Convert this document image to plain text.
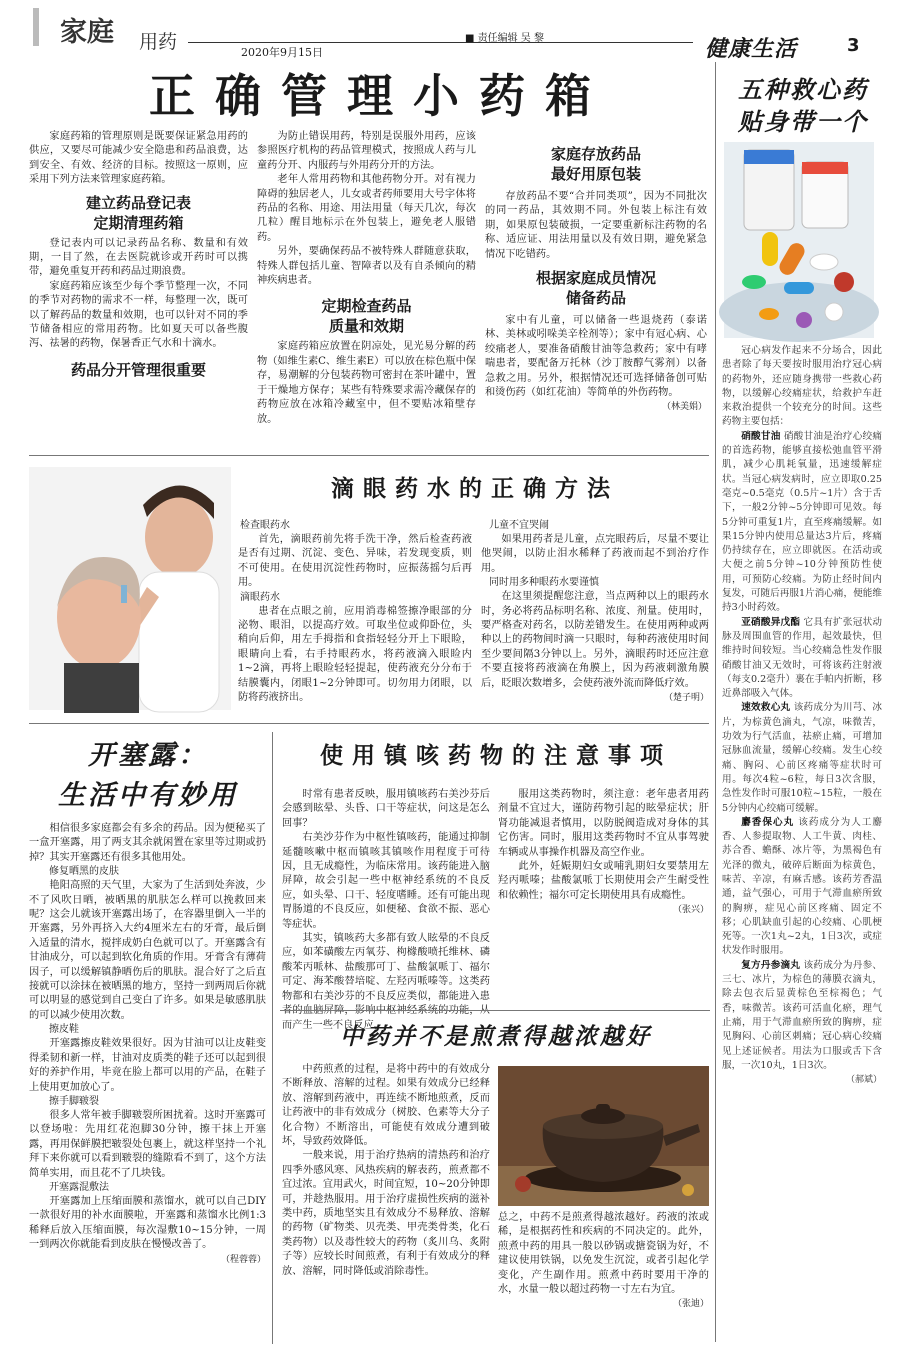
家庭 用药	2020年9月15日
■ 责任编辑 吴 黎	健康生活	3
正确管理小药箱

家庭药箱的管理原则是既要保证紧急用药的供应，又要尽可能减少安全隐患和药品浪费，达到安全、有效、经济的目标。按照这一原则，应采用下列方法来管理家庭药箱。

建立药品登记表
定期清理药箱

登记表内可以记录药品名称、数量和有效期，一目了然，在去医院就诊或开药时可以携带，避免重复开药和药品过期浪费。

家庭药箱应该至少每个季节整理一次，不同的季节对药物的需求不一样，每整理一次，既可以了解药品的数量和效期，也可以针对不同的季节储备相应的常用药物。比如夏天可以备些腹泻、祛暑的药物，保暑香正气水和十滴水。

药品分开管理很重要

为防止错误用药，特别是误服外用药，应该参照医疗机构的药品管理模式，按照成人药与儿童药分开、内服药与外用药分开的方法。

老年人常用药物和其他药物分开。对有视力障碍的独居老人，儿女或者药师要用大号字体将药品的名称、用途、用法用量（每天几次，每次几粒）醒目地标示在外包装上，避免老人服错药。

另外，要确保药品不被特殊人群随意获取，特殊人群包括儿童、智障者以及有自杀倾向的精神疾病患者。

定期检查药品
质量和效期

家庭药箱应放置在阴凉处，见光易分解的药物（如维生素C、维生素E）可以放在棕色瓶中保存，易潮解的分包装药物可密封在茶叶罐中，置于干燥地方保存；某些有特殊要求需冷藏保存的药物应放在冰箱冷藏室中，但不要贴冰箱壁存放。

家庭存放药品
最好用原包装

存放药品不要“合并同类项”，因为不同批次的同一药品，其效期不同。外包装上标注有效期，如果原包装破损，一定要重新标注药物的名称、适应证、用法用量以及有效日期，避免紧急情况下吃错药。

根据家庭成员情况
储备药品

家中有儿童，可以储备一些退烧药（泰诺林、美林或吲哚美辛栓剂等）；家中有冠心病、心绞痛老人，要准备硝酸甘油等急救药；家中有哮喘患者，要配备万托林（沙丁胺醇气雾剂）以备急救之用。另外，根据情况还可选择储备创可贴和烫伤药（如红花油）等简单的外伤药物。

（林美娟）
五种救心药
贴身带一个

冠心病发作起来不分场合，因此患者除了每天要按时服用治疗冠心病的药物外，还应随身携带一些救心药物，以缓解心绞痛症状，给救护车赶来救治提供一个较充分的时间。这些药物主要包括：

硝酸甘油 硝酸甘油是治疗心绞痛的首选药物，能够直接松弛血管平滑肌，减少心肌耗氧量，迅速缓解症状。当冠心病发病时，应立即取0.25毫克~0.5毫克（0.5片~1片）含于舌下，一般2分钟~5分钟即可见效。每5分钟可重复1片，直至疼痛缓解。如果15分钟内使用总量达3片后，疼痛仍持续存在，应立即就医。在活动或大便之前5分钟~10分钟预防性使用，可预防心绞痛。为防止经时间内复发，可随后再服1片消心痛，便能维持3小时药效。

亚硝酸异戊酯 它具有扩张冠状动脉及周围血管的作用，起效最快，但维持时间较短。当心绞痛急性发作服硝酸甘油又无效时，可将该药注射液（每支0.2毫升）裹在手帕内折断，移近鼻部吸入气体。

速效救心丸 该药成分为川芎、冰片，为棕黄色滴丸，气凉，味微苦，功效为行气活血，祛瘀止痛，可增加冠脉血流量，缓解心绞痛。发生心绞痛、胸闷、心前区疼痛等症状时可用。每次4粒~6粒，每日3次含服，急性发作时可服10粒~15粒，一般在5分钟内心绞痛可缓解。

麝香保心丸 该药成分为人工麝香、人参提取物、人工牛黄、肉桂、苏合香、蟾酥、冰片等，为黑褐色有光泽的微丸，破碎后断面为棕黄色，味苦、辛凉，有麻舌感。该药芳香温通，益气强心，可用于气滞血瘀所致的胸痹，症见心前区疼痛、固定不移；心肌缺血引起的心绞痛、心肌梗死等。一次1丸~2丸，1日3次，或症状发作时服用。

复方丹参滴丸 该药成分为丹参、三七、冰片，为棕色的薄膜衣滴丸，除去包衣后显黄棕色至棕褐色；气香，味微苦。该药可活血化瘀，理气止痛，用于气滞血瘀所致的胸痹，症见胸闷、心前区刺痛；冠心病心绞痛见上述证候者。用法为口服或舌下含服，一次10丸，1日3次。

（郝斌）
滴眼药水的正确方法
检查眼药水

首先，滴眼药前先将手洗干净，然后检查药液是否有过期、沉淀、变色、异味，若发现变质，则不可使用。在使用沉淀性药物时，应振荡摇匀后再用。

滴眼药水

患者在点眼之前，应用消毒棉签擦净眼部的分泌物、眼泪，以提高疗效。可取坐位或仰卧位，头稍向后仰，用左手拇指和食指轻轻分开上下眼睑，眼睛向上看，右手持眼药水，将药液滴入眼睑内1~2滴，再将上眼睑轻轻提起，使药液充分分布于结膜囊内，闭眼1~2分钟即可。切勿用力闭眼，以防将药液挤出。

儿童不宜哭闹

如果用药者是儿童，点完眼药后，尽量不要让他哭闹，以防止泪水稀释了药液而起不到治疗作用。

同时用多种眼药水要谨慎

在这里须提醒您注意，当点两种以上的眼药水时，务必将药品标明名称、浓度、剂量。使用时，要严格查对药名，以防差错发生。在使用两种或两种以上的药物间时滴一只眼时，每种药液使用时间至少要间隔3分钟以上。另外，滴眼药时还应注意不要直接将药液滴在角膜上，因为药液刺激角膜后，眨眼次数增多，会使药液外流而降低疗效。

（楚子明）
开塞露：
生活中有妙用

相信很多家庭都会有多余的药品。因为便秘买了一盒开塞露，用了两支其余就闲置在家里等过期或扔掉？其实开塞露还有很多其他用处。

修复晒黑的皮肤

艳阳高照的天气里，大家为了生活到处奔波，少不了风吹日晒，被晒黑的肌肤怎么样可以挽救回来呢？这会儿就该开塞露出场了，在容器里倒入一半的开塞露，另外再挤入大约4厘米左右的牙膏，最后倒入适量的清水，搅拌成奶白色就可以了。开塞露含有甘油成分，可以起到软化角质的作用。牙膏含有薄荷因子，可以缓解镇静晒伤后的肌肤。混合好了之后直接就可以涂抹在被晒黑的地方，坚持一到两周后你就可以明显的感觉到自己变白了许多。如果是敏感肌肤的可以减少使用次数。

擦皮鞋

开塞露擦皮鞋效果很好。因为甘油可以让皮鞋变得柔韧和新一样，甘油对皮质类的鞋子还可以起到很好的养护作用，毕竟在脸上都可以用的产品，在鞋子上使用更加放心了。

擦手脚皲裂

很多人常年被手脚皲裂所困扰着。这时开塞露可以登场啦：先用红花泡脚30分钟，擦干抹上开塞露，再用保鲜膜把皲裂处包裹上，就这样坚持一个礼拜下来你就可以看到皲裂的缝隙看不到了，这个方法简单实用，而且花不了几块钱。

开塞露混敷法

开塞露加上压缩面膜和蒸馏水，就可以自己DIY一款很好用的补水面膜啦，开塞露和蒸馏水比例1:3稀释后放入压缩面膜，每次湿敷10~15分钟，一周一到两次你就能看到皮肤在慢慢改善了。

（程蓉蓉）
使用镇咳药物的注意事项

时常有患者反映，服用镇咳药右美沙芬后会感到眩晕、头昏、口干等症状，问这是怎么回事？

右美沙芬作为中枢性镇咳药，能通过抑制延髓咳嗽中枢而镇咳其镇咳作用程度于可待因，且无成瘾性，为临床常用。该药能进入脑屏障，故会引起一些中枢神经系统的不良反应，如头晕、口干、轻度嗜睡。还有可能出现胃肠道的不良反应，如便秘、食欲不振、恶心等症状。

其实，镇咳药大多都有致人眩晕的不良反应，如苯磺酸左丙氧芬、枸橼酸喷托维林、磷酸苯丙哌林、盐酸那可丁、盐酸氯哌丁、福尔可定、海苯酸替培啶、左羟丙哌嗪等。这类药物都和右美沙芬的不良反应类似，都能进入患 而产生一些不良反应。

服用这类药物时，须注意：老年患者用药剂量不宜过大，谨防药物引起的眩晕症状；肝肾功能减退者慎用，以防脱阀造成对身体的其它伤害。同时，服用这类药物时不宜从事驾驶车辆或从事操作机器及高空作业。

此外，妊娠期妇女或哺乳期妇女要禁用左羟丙哌嗪；盐酸氯哌丁长期使用会产生耐受性和依赖性；福尔可定长期使用具有成瘾性。

（张兴）
中药并不是煎煮得越浓越好

中药煎煮的过程，是将中药中的有效成分不断释放、溶解的过程。如果有效成分已经释放、溶解到药液中，再连续不断地煎煮，反而让药液中的非有效成分（树胶、色素等大分子化合物）不断溶出，可能使有效成分遭到破坏，导致药效降低。

一般来说，用于治疗热病的清热药和治疗四季外感风寒、风热疾病的解表药，煎煮都不宜过浓。宜用武火，时间宜短，10~20分钟即可，并趁热服用。用于治疗虚损性疾病的滋补类中药，质地坚实且有效成分不易释放、溶解的药物（矿物类、贝壳类、甲壳类骨类，化石类药物）以及毒性较大的药物（炙川乌、炙附子等）应较长时间煎煮，有利于有效成分的释放、溶解，同时降低或消除毒性。

总之，中药不是煎煮得越浓越好。药液的浓或稀，是根据药性和疾病的不同决定的。此外，煎煮中药的用具一般以砂锅或搪瓷锅为好，不建议使用铁锅，以免发生沉淀，或者引起化学变化，产生副作用。煎煮中药时要用干净的水，水量一般以超过药物一寸左右为宜。

（张迪）
